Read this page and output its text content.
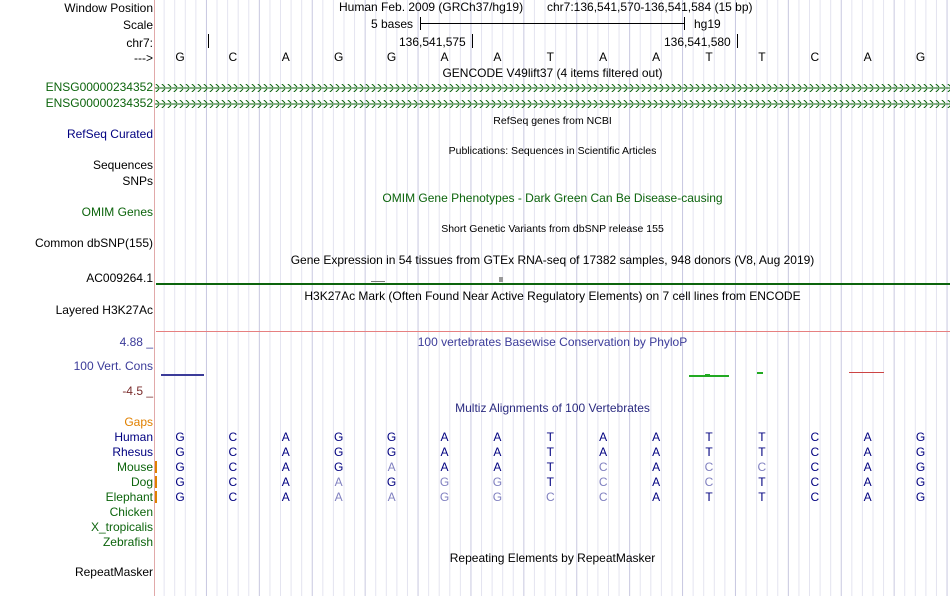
Window Position	Human Feb. 2009 (GRCh37/hg19) chr7:136,541,570-136,541,584 (15 bp)
Scale	5 bases	hg19
chr7:	136,541,575	136,541,580
--->	G	C	A	G	G	A	A	T	A	A	T	T	C	A	G
GENCODE V49lift37 (4 items filtered out)
ENSG00000234352
ENSG00000234352
RefSeq genes from NCBI
RefSeq Curated
Publications: Sequences in Scientific Articles
Sequences
SNPs
OMIM Gene Phenotypes - Dark Green Can Be Disease-causing
OMIM Genes
Short Genetic Variants from dbSNP release 155
Common dbSNP(155)
Gene Expression in 54 tissues from GTEx RNA-seq of 17382 samples, 948 donors (V8, Aug 2019)
AC009264.1
H3K27Ac Mark (Often Found Near Active Regulatory Elements) on 7 cell lines from ENCODE
Layered H3K27Ac
4.88 _	100 vertebrates Basewise Conservation by PhyloP
100 Vert. Cons
-4.5 _
Multiz Alignments of 100 Vertebrates
Gaps
Human	G	C	A	G	G	A	A	T	A	A	T	T	C	A	G
Rhesus	G	C	A	G	G	A	A	T	A	A	T	T	C	A	G
Mouse	G	C	A	G	A	A	A	T	C	A	C	C	C	A	G
Dog	G	C	A	A	G	G	G	T	C	A	C	T	C	A	G
Elephant	G	C	A	A	A	G	G	C	C	A	T	T	C	A	G
Chicken
X_tropicalis
Zebrafish
Repeating Elements by RepeatMasker
RepeatMasker
